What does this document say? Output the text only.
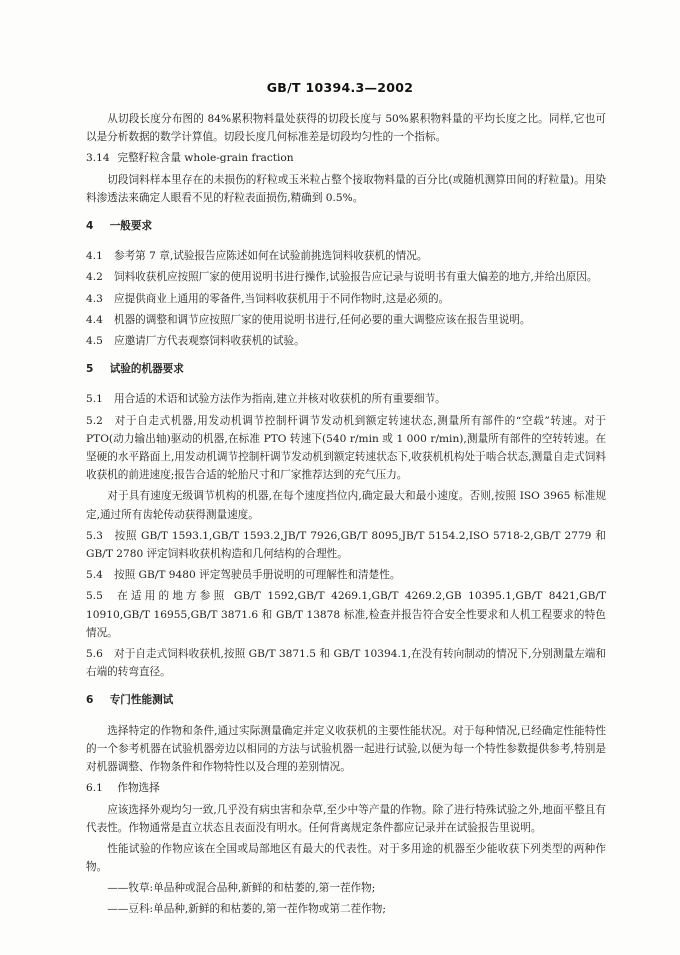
GB/T 10394.3—2002

从切段长度分布图的 84%累积物料量处获得的切段长度与 50%累积物料量的平均长度之比。同样,它也可以是分析数据的数学计算值。切段长度几何标准差是切段均匀性的一个指标。

3.14 完整籽粒含量 whole-grain fraction

切段饲料样本里存在的未损伤的籽粒或玉米粒占整个接取物料量的百分比(或随机测算田间的籽粒量)。用染料渗透法来确定人眼看不见的籽粒表面损伤,精确到 0.5%。

4 一般要求

4.1 参考第 7 章,试验报告应陈述如何在试验前挑选饲料收获机的情况。

4.2 饲料收获机应按照厂家的使用说明书进行操作,试验报告应记录与说明书有重大偏差的地方,并给出原因。

4.3 应提供商业上通用的零备件,当饲料收获机用于不同作物时,这是必须的。

4.4 机器的调整和调节应按照厂家的使用说明书进行,任何必要的重大调整应该在报告里说明。

4.5 应邀请厂方代表观察饲料收获机的试验。

5 试验的机器要求

5.1 用合适的术语和试验方法作为指南,建立并核对收获机的所有重要细节。

5.2 对于自走式机器,用发动机调节控制杆调节发动机到额定转速状态,测量所有部件的“空载”转速。对于 PTO(动力输出轴)驱动的机器,在标准 PTO 转速下(540 r/min 或 1 000 r/min),测量所有部件的空转转速。在坚硬的水平路面上,用发动机调节控制杆调节发动机到额定转速状态下,收获机机构处于啮合状态,测量自走式饲料收获机的前进速度;报告合适的轮胎尺寸和厂家推荐达到的充气压力。

对于具有速度无级调节机构的机器,在每个速度挡位内,确定最大和最小速度。否则,按照 ISO 3965 标准规定,通过所有齿轮传动获得测量速度。

5.3 按照 GB/T 1593.1,GB/T 1593.2,JB/T 7926,GB/T 8095,JB/T 5154.2,ISO 5718-2,GB/T 2779 和 GB/T 2780 评定饲料收获机构造和几何结构的合理性。

5.4 按照 GB/T 9480 评定驾驶员手册说明的可理解性和清楚性。

5.5 在适用的地方参照 GB/T 1592,GB/T 4269.1,GB/T 4269.2,GB 10395.1,GB/T 8421,GB/T 10910,GB/T 16955,GB/T 3871.6 和 GB/T 13878 标准,检查并报告符合安全性要求和人机工程要求的特色情况。

5.6 对于自走式饲料收获机,按照 GB/T 3871.5 和 GB/T 10394.1,在没有转向制动的情况下,分别测量左端和右端的转弯直径。

6 专门性能测试

选择特定的作物和条件,通过实际测量确定并定义收获机的主要性能状况。对于每种情况,已经确定性能特性的一个参考机器在试验机器旁边以相同的方法与试验机器一起进行试验,以便为每一个特性参数提供参考,特别是对机器调整、作物条件和作物特性以及合理的差别情况。

6.1 作物选择

应该选择外观均匀一致,几乎没有病虫害和杂草,至少中等产量的作物。除了进行特殊试验之外,地面平整且有代表性。作物通常是直立状态且表面没有明水。任何背离规定条件都应记录并在试验报告里说明。

性能试验的作物应该在全国或局部地区有最大的代表性。对于多用途的机器至少能收获下列类型的两种作物。

——牧草:单品种或混合品种,新鲜的和枯萎的,第一茬作物;

——豆科:单品种,新鲜的和枯萎的,第一茬作物或第二茬作物;
